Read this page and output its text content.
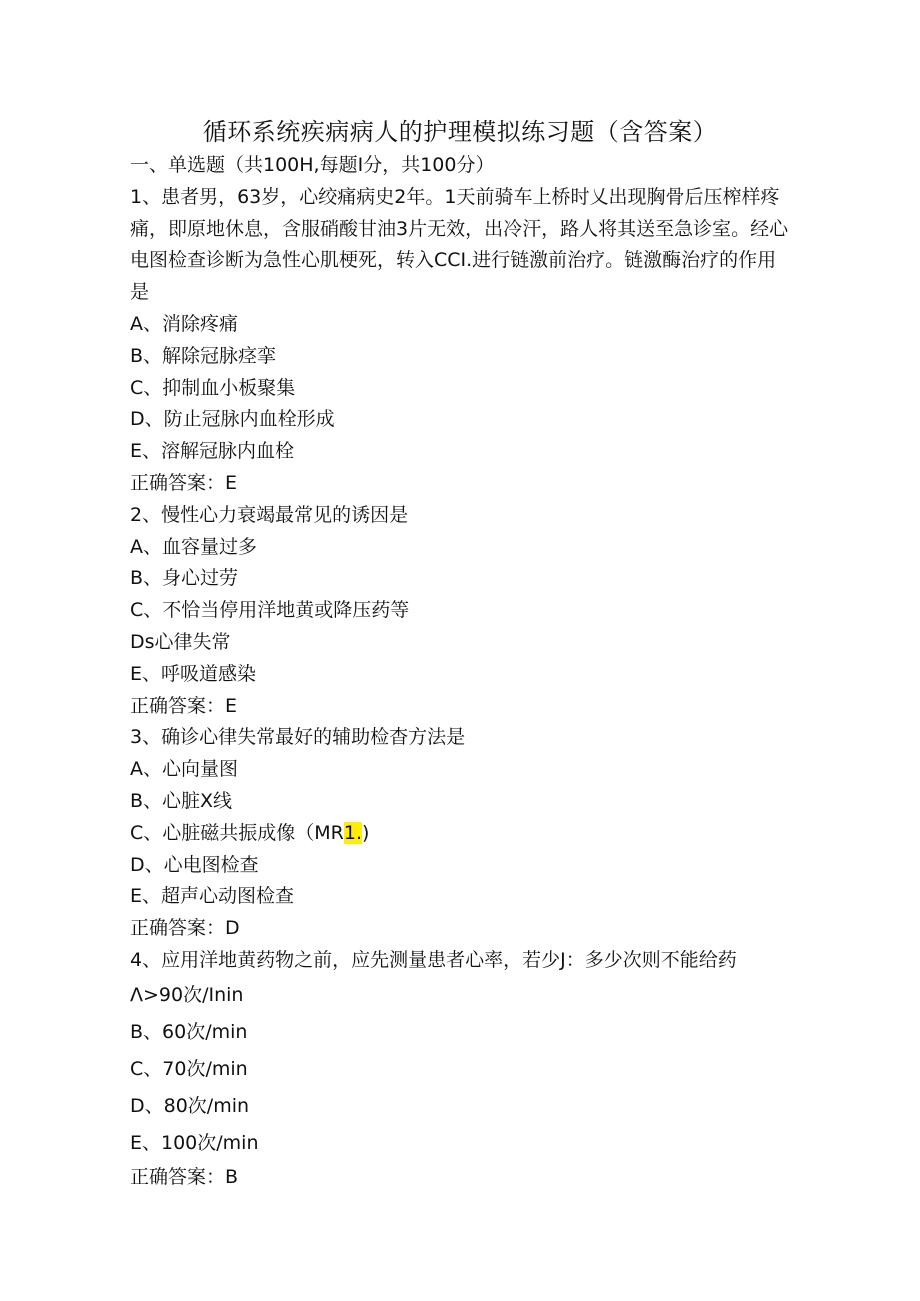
循环系统疾病病人的护理模拟练习题（含答案）
一、单选题（共100H,每题I分，共100分）
1、患者男，63岁，心绞痛病史2年。1天前骑车上桥时乂出现胸骨后压榨样疼痛，即原地休息，含服硝酸甘油3片无效，出冷汗，路人将其送至急诊室。经心电图检查诊断为急性心肌梗死，转入CCI.进行链激前治疗。链激酶治疗的作用是
A、消除疼痛
B、解除冠脉痉挛
C、抑制血小板聚集
D、防止冠脉内血栓形成
E、溶解冠脉内血栓
正确答案：E
2、慢性心力衰竭最常见的诱因是
A、血容量过多
B、身心过劳
C、不恰当停用洋地黄或降压药等
Ds心律失常
E、呼吸道感染
正确答案：E
3、确诊心律失常最好的辅助检杳方法是
A、心向量图
B、心脏X线
C、心脏磁共振成像（MR1.)
D、心电图检查
E、超声心动图检查
正确答案：D
4、应用洋地黄药物之前，应先测量患者心率，若少J：多少次则不能给药
Λ>90次/Inin
B、60次/min
C、70次/min
D、80次/min
E、100次/min
正确答案：B
